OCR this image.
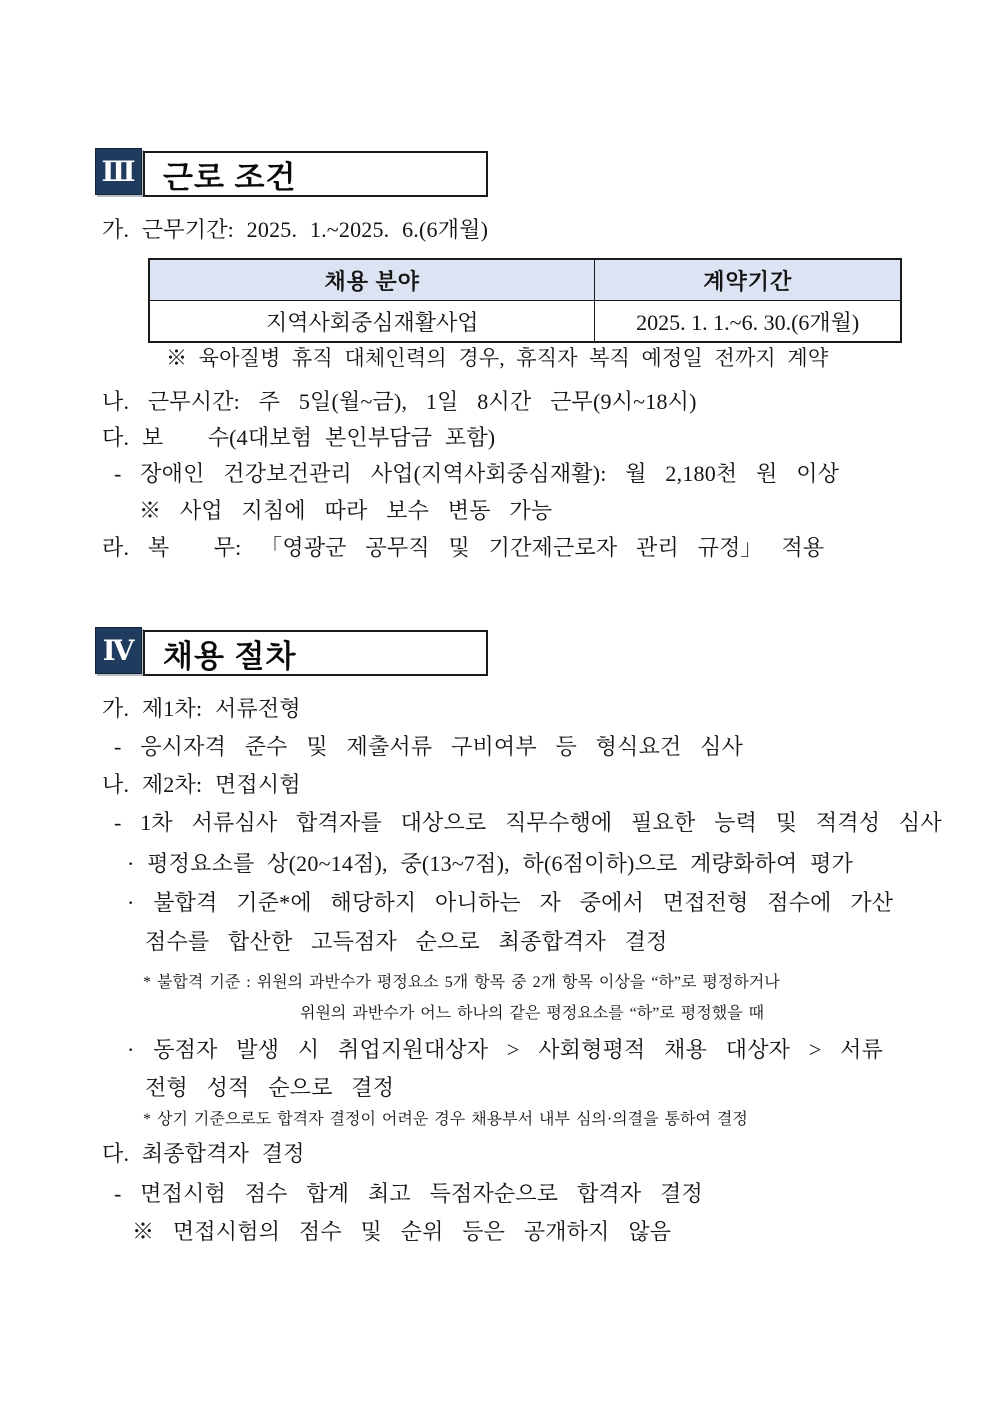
Ⅲ 근로 조건
가. 근무기간: 2025. 1.~2025. 6.(6개월)
채용 분야	계약기간
지역사회중심재활사업	2025. 1. 1.~6. 30.(6개월)
※ 육아질병 휴직 대체인력의 경우, 휴직자 복직 예정일 전까지 계약
나. 근무시간: 주 5일(월~금), 1일 8시간 근무(9시~18시)
다. 보　　수(4대보험 본인부담금 포함)
- 장애인 건강보건관리 사업(지역사회중심재활): 월 2,180천 원 이상
※ 사업 지침에 따라 보수 변동 가능
라. 복　　무: 「영광군 공무직 및 기간제근로자 관리 규정」 적용
Ⅳ 채용 절차
가. 제1차: 서류전형
- 응시자격 준수 및 제출서류 구비여부 등 형식요건 심사
나. 제2차: 면접시험
- 1차 서류심사 합격자를 대상으로 직무수행에 필요한 능력 및 적격성 심사
· 평정요소를 상(20~14점), 중(13~7점), 하(6점이하)으로 계량화하여 평가
· 불합격 기준*에 해당하지 아니하는 자 중에서 면접전형 점수에 가산
점수를 합산한 고득점자 순으로 최종합격자 결정
* 불합격 기준 : 위원의 과반수가 평정요소 5개 항목 중 2개 항목 이상을 “하”로 평정하거나
위원의 과반수가 어느 하나의 같은 평정요소를 “하”로 평정했을 때
· 동점자 발생 시 취업지원대상자 > 사회형평적 채용 대상자 > 서류
전형 성적 순으로 결정
* 상기 기준으로도 합격자 결정이 어려운 경우 채용부서 내부 심의·의결을 통하여 결정
다. 최종합격자 결정
- 면접시험 점수 합계 최고 득점자순으로 합격자 결정
※ 면접시험의 점수 및 순위 등은 공개하지 않음
